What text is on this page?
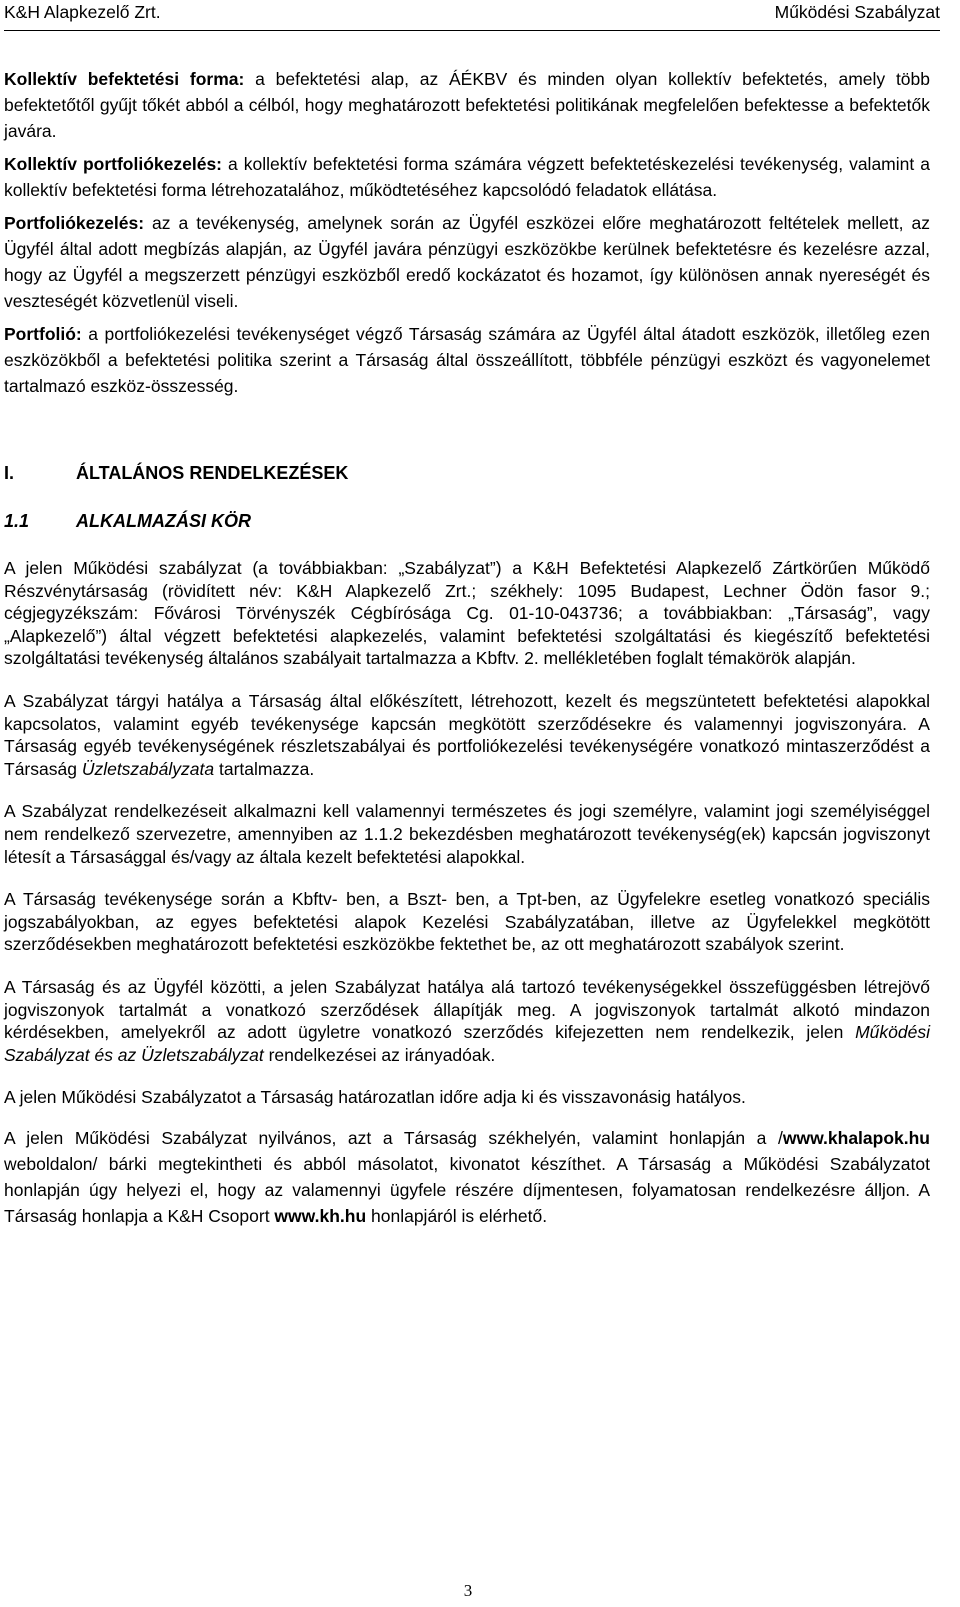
K&H Alapkezelő Zrt.	Működési Szabályzat

Kollektív befektetési forma: a befektetési alap, az ÁÉKBV és minden olyan kollektív befektetés, amely több befektetőtől gyűjt tőkét abból a célból, hogy meghatározott befektetési politikának megfelelően befektesse a befektetők javára.

Kollektív portfoliókezelés: a kollektív befektetési forma számára végzett befektetéskezelési tevékenység, valamint a kollektív befektetési forma létrehozatalához, működtetéséhez kapcsolódó feladatok ellátása.

Portfoliókezelés: az a tevékenység, amelynek során az Ügyfél eszközei előre meghatározott feltételek mellett, az Ügyfél által adott megbízás alapján, az Ügyfél javára pénzügyi eszközökbe kerülnek befektetésre és kezelésre azzal, hogy az Ügyfél a megszerzett pénzügyi eszközből eredő kockázatot és hozamot, így különösen annak nyereségét és veszteségét közvetlenül viseli.

Portfolió: a portfoliókezelési tevékenységet végző Társaság számára az Ügyfél által átadott eszközök, illetőleg ezen eszközökből a befektetési politika szerint a Társaság által összeállított, többféle pénzügyi eszközt és vagyonelemet tartalmazó eszköz-összesség.

I.	ÁLTALÁNOS RENDELKEZÉSEK
1.1	ALKALMAZÁSI KÖR

A jelen Működési szabályzat (a továbbiakban: „Szabályzat”) a K&H Befektetési Alapkezelő Zártkörűen Működő Részvénytársaság (rövidített név: K&H Alapkezelő Zrt.; székhely: 1095 Budapest, Lechner Ödön fasor 9.; cégjegyzékszám: Fővárosi Törvényszék Cégbírósága Cg. 01-10-043736; a továbbiakban: „Társaság”, vagy „Alapkezelő”) által végzett befektetési alapkezelés, valamint befektetési szolgáltatási és kiegészítő befektetési szolgáltatási tevékenység általános szabályait tartalmazza a Kbftv. 2. mellékletében foglalt témakörök alapján.

A Szabályzat tárgyi hatálya a Társaság által előkészített, létrehozott, kezelt és megszüntetett befektetési alapokkal kapcsolatos, valamint egyéb tevékenysége kapcsán megkötött szerződésekre és valamennyi jogviszonyára. A Társaság egyéb tevékenységének részletszabályai és portfoliókezelési tevékenységére vonatkozó mintaszerződést a Társaság Üzletszabályzata tartalmazza.

A Szabályzat rendelkezéseit alkalmazni kell valamennyi természetes és jogi személyre, valamint jogi személyiséggel nem rendelkező szervezetre, amennyiben az 1.1.2 bekezdésben meghatározott tevékenység(ek) kapcsán jogviszonyt létesít a Társasággal és/vagy az általa kezelt befektetési alapokkal.

A Társaság tevékenysége során a Kbftv- ben, a Bszt- ben, a Tpt-ben, az Ügyfelekre esetleg vonatkozó speciális jogszabályokban, az egyes befektetési alapok Kezelési Szabályzatában, illetve az Ügyfelekkel megkötött szerződésekben meghatározott befektetési eszközökbe fektethet be, az ott meghatározott szabályok szerint.

A Társaság és az Ügyfél közötti, a jelen Szabályzat hatálya alá tartozó tevékenységekkel összefüggésben létrejövő jogviszonyok tartalmát a vonatkozó szerződések állapítják meg. A jogviszonyok tartalmát alkotó mindazon kérdésekben, amelyekről az adott ügyletre vonatkozó szerződés kifejezetten nem rendelkezik, jelen Működési Szabályzat és az Üzletszabályzat rendelkezései az irányadóak.

A jelen Működési Szabályzatot a Társaság határozatlan időre adja ki és visszavonásig hatályos.

A jelen Működési Szabályzat nyilvános, azt a Társaság székhelyén, valamint honlapján a /www.khalapok.hu weboldalon/ bárki megtekintheti és abból másolatot, kivonatot készíthet. A Társaság a Működési Szabályzatot honlapján úgy helyezi el, hogy az valamennyi ügyfele részére díjmentesen, folyamatosan rendelkezésre álljon. A Társaság honlapja a K&H Csoport www.kh.hu honlapjáról is elérhető.

3
